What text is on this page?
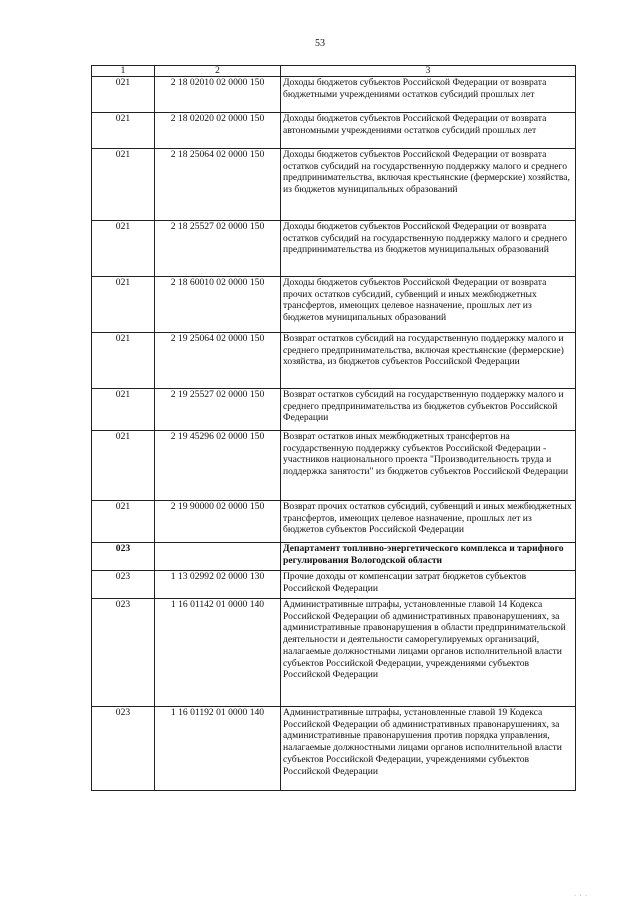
53
1	2	3
021	2 18 02010 02 0000 150	Доходы бюджетов субъектов Российской Федерации от возврата бюджетными учреждениями остатков субсидий прошлых лет
021	2 18 02020 02 0000 150	Доходы бюджетов субъектов Российской Федерации от возврата автономными учреждениями остатков субсидий прошлых лет
021	2 18 25064 02 0000 150	Доходы бюджетов субъектов Российской Федерации от возврата остатков субсидий на государственную поддержку малого и среднего предпринимательства, включая крестьянские (фермерские) хозяйства, из бюджетов муниципальных образований
021	2 18 25527 02 0000 150	Доходы бюджетов субъектов Российской Федерации от возврата остатков субсидий на государственную поддержку малого и среднего предпринимательства из бюджетов муниципальных образований
021	2 18 60010 02 0000 150	Доходы бюджетов субъектов Российской Федерации от возврата прочих остатков субсидий, субвенций и иных межбюджетных трансфертов, имеющих целевое назначение, прошлых лет из бюджетов муниципальных образований
021	2 19 25064 02 0000 150	Возврат остатков субсидий на государственную поддержку малого и среднего предпринимательства, включая крестьянские (фермерские) хозяйства, из бюджетов субъектов Российской Федерации
021	2 19 25527 02 0000 150	Возврат остатков субсидий на государственную поддержку малого и среднего предпринимательства из бюджетов субъектов Российской Федерации
021	2 19 45296 02 0000 150	Возврат остатков иных межбюджетных трансфертов на государственную поддержку субъектов Российской Федерации - участников национального проекта "Производительность труда и поддержка занятости" из бюджетов субъектов Российской Федерации
021	2 19 90000 02 0000 150	Возврат прочих остатков субсидий, субвенций и иных межбюджетных трансфертов, имеющих целевое назначение, прошлых лет из бюджетов субъектов Российской Федерации
023		Департамент топливно-энергетического комплекса и тарифного регулирования Вологодской области
023	1 13 02992 02 0000 130	Прочие доходы от компенсации затрат бюджетов субъектов Российской Федерации
023	1 16 01142 01 0000 140	Административные штрафы, установленные главой 14 Кодекса Российской Федерации об административных правонарушениях, за административные правонарушения в области предпринимательской деятельности и деятельности саморегулируемых организаций, налагаемые должностными лицами органов исполнительной власти субъектов Российской Федерации, учреждениями субъектов Российской Федерации
023	1 16 01192 01 0000 140	Административные штрафы, установленные главой 19 Кодекса Российской Федерации об административных правонарушениях, за административные правонарушения против порядка управления, налагаемые должностными лицами органов исполнительной власти субъектов Российской Федерации, учреждениями субъектов Российской Федерации
· · ·
